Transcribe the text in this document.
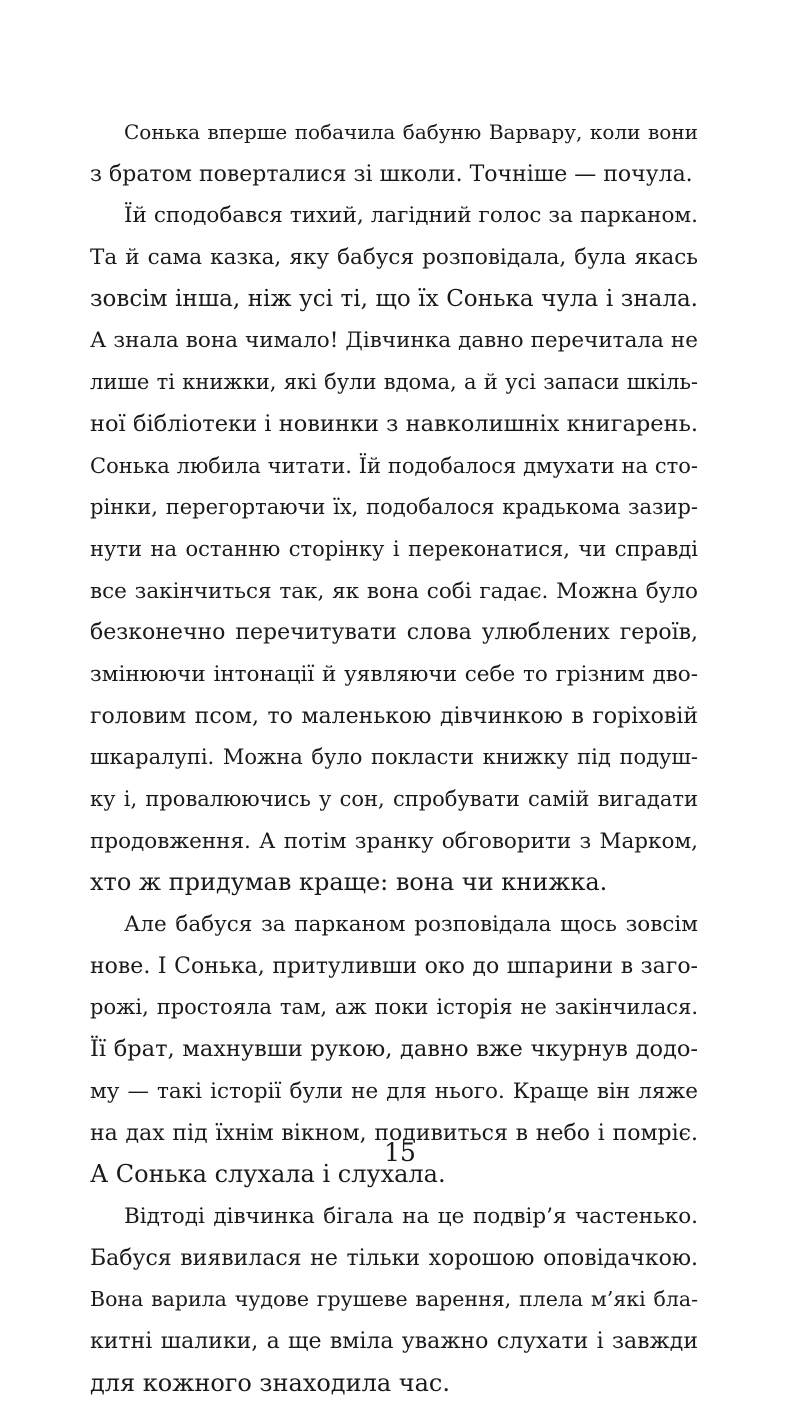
Сонька вперше побачила бабуню Варвару, коли вони
з братом поверталися зі школи. Точніше — почула.
Їй сподобався тихий, лагідний голос за парканом.
Та й сама казка, яку бабуся розповідала, була якась
зовсім інша, ніж усі ті, що їх Сонька чула і знала.
А знала вона чимало! Дівчинка давно перечитала не
лише ті книжки, які були вдома, а й усі запаси шкіль-
ної бібліотеки і новинки з навколишніх книгарень.
Сонька любила читати. Їй подобалося дмухати на сто-
рінки, перегортаючи їх, подобалося крадькома зазир-
нути на останню сторінку і переконатися, чи справді
все закінчиться так, як вона собі гадає. Можна було
безконечно перечитувати слова улюблених героїв,
змінюючи інтонації й уявляючи себе то грізним дво-
головим псом, то маленькою дівчинкою в горіховій
шкаралупі. Можна було покласти книжку під подуш-
ку і, провалюючись у сон, спробувати самій вигадати
продовження. А потім зранку обговорити з Марком,
хто ж придумав краще: вона чи книжка.
Але бабуся за парканом розповідала щось зовсім
нове. І Сонька, притуливши око до шпарини в заго-
рожі, простояла там, аж поки історія не закінчилася.
Її брат, махнувши рукою, давно вже чкурнув додо-
му — такі історії були не для нього. Краще він ляже
на дах під їхнім вікном, подивиться в небо і помріє.
А Сонька слухала і слухала.
Відтоді дівчинка бігала на це подвір’я частенько.
Бабуся виявилася не тільки хорошою оповідачкою.
Вона варила чудове грушеве варення, плела м’які бла-
китні шалики, а ще вміла уважно слухати і завжди
для кожного знаходила час.
15
